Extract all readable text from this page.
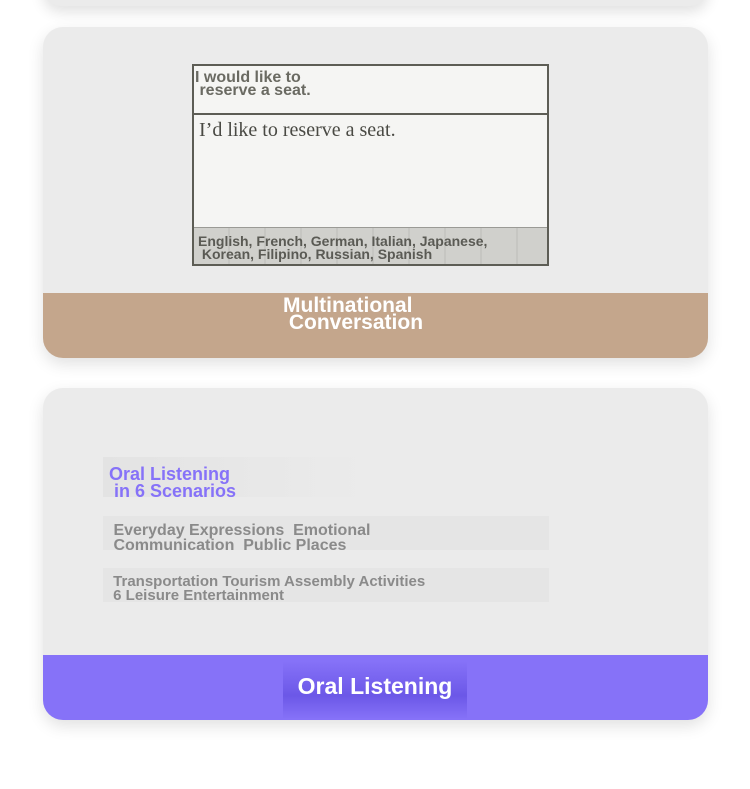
I would like to
reserve a seat.
I’d like to reserve a seat.
English, French, German, Italian, Japanese,
Korean, Filipino, Russian, Spanish
Multinational
Conversation
Oral Listening
in 6 Scenarios
Everyday Expressions  Emotional
Communication  Public Places
Transportation Tourism Assembly Activities
6 Leisure Entertainment
Oral Listening
